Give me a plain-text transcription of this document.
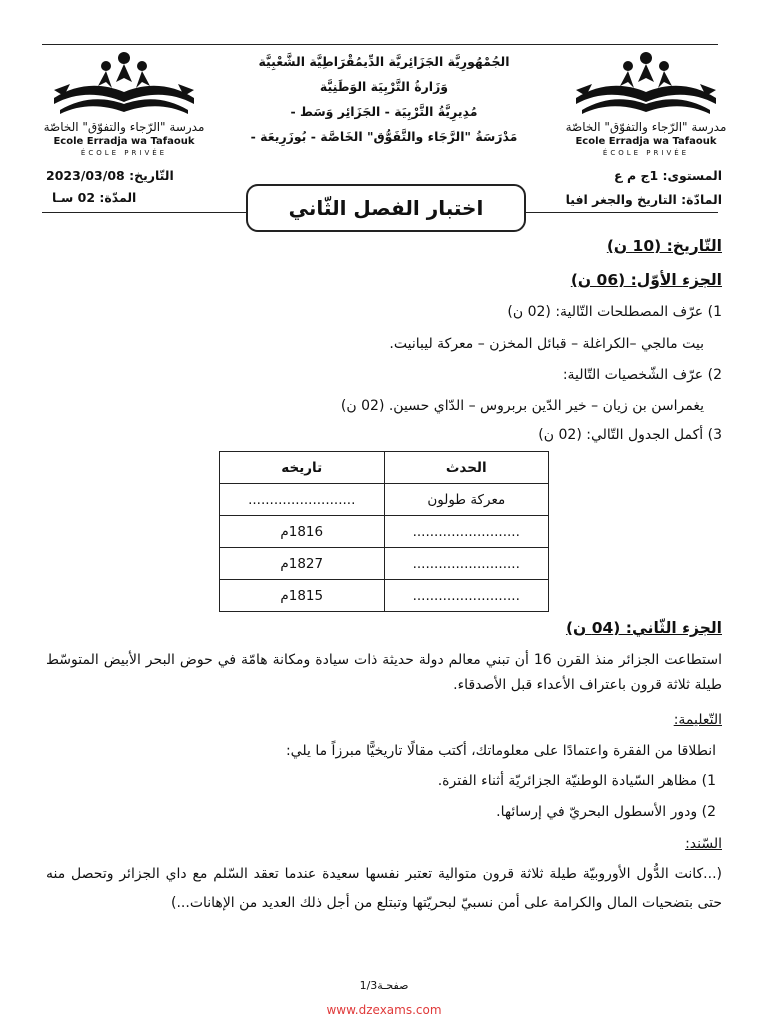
مدرسة "الرّجاء والتفوّق" الخاصّة
Ecole Erradja wa Tafaouk
ÉCOLE PRIVÉE
مدرسة "الرّجاء والتفوّق" الخاصّة
Ecole Erradja wa Tafaouk
ÉCOLE PRIVÉE
الجُمْهُورِيَّة الجَزَائِريَّة الدِّيمُقْرَاطِيَّة الشَّعْبِيَّة
وَزَارةُ التَّرْبِيَة الوَطَنِيَّة
مُدِيرِيَّةُ التَّرْبِيَة - الجَزَائِر وَسَط -
مَدْرَسَةُ "الرَّجَاء والتَّفَوُّق" الخَاصَّة - بُوزَرِيعَة -
المستوى: 1ج م ع
المادّة: التاريخ والجغر افيا
التّاريخ: 2023/03/08
المدّة: 02 سـا	اختبار الفصل الثّاني
التّاريخ: (10 ن)
الجزء الأوّل: (06 ن)
1) عرّف المصطلحات التّالية: (02 ن)
بيت مالجي –الكراغلة – قبائل المخزن – معركة ليبانيت.
2) عرّف الشّخصيات التّالية:
يغمراسن بن زيان – خير الدّين بربروس – الدّاي حسين. (02 ن)
3) أكمل الجدول التّالي: (02 ن)
الحدث	تاريخه
معركة طولون	.........................
.........................	1816م
.........................	1827م
.........................	1815م
الجزء الثّاني: (04 ن)
استطاعت الجزائر منذ القرن 16 أن تبني معالم دولة حديثة ذات سيادة ومكانة هامّة في حوض البحر الأبيض المتوسّط طيلة ثلاثة قرون باعتراف الأعداء قبل الأصدقاء.
التّعليمة:
انطلاقا من الفقرة واعتمادًا على معلوماتك، أكتب مقالًا تاريخيًّا مبرزاً ما يلي:
1) مظاهر السّيادة الوطنيّة الجزائريّة أثناء الفترة.
2) ودور الأسطول البحريّ في إرسائها.
السّند:
(...كانت الدُّول الأوروبيّة طيلة ثلاثة قرون متوالية تعتبر نفسها سعيدة عندما تعقد السّلم مع داي الجزائر وتحصل منه حتى بتضحيات المال والكرامة على أمن نسبيّ لبحريّتها وتبتلع من أجل ذلك العديد من الإهانات...)
صفحـة1/3
www.dzexams.com
